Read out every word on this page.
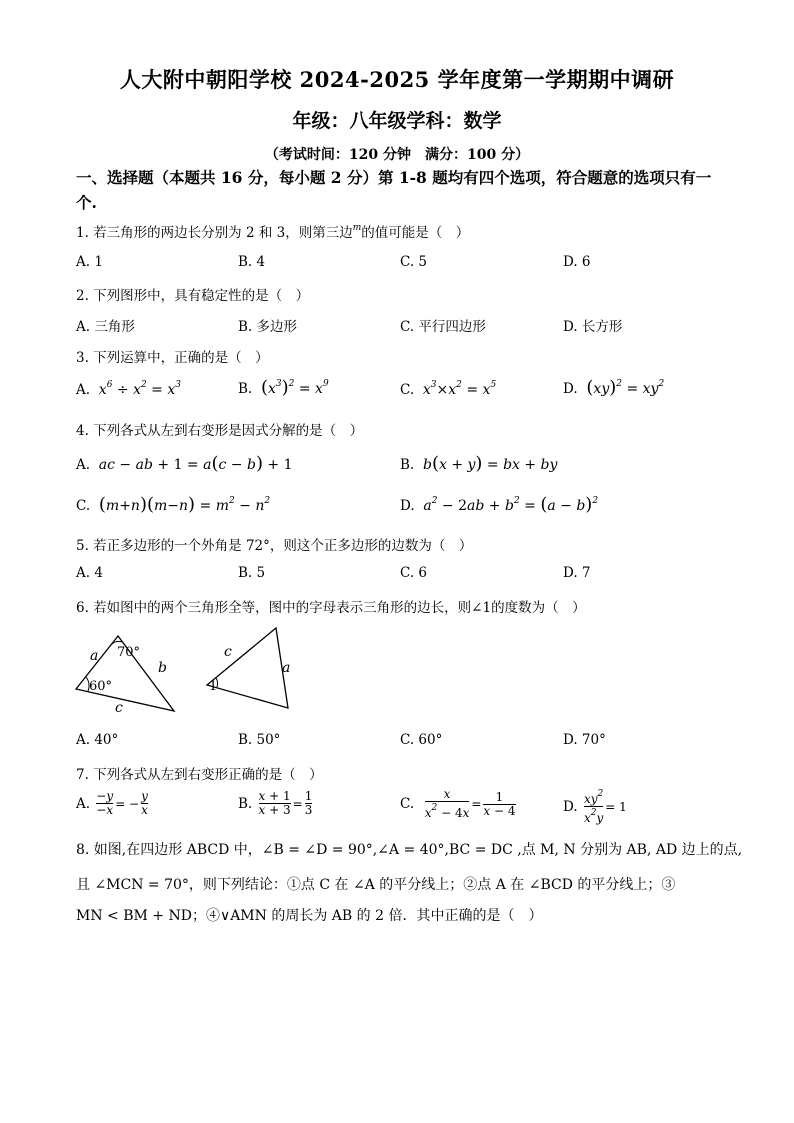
人大附中朝阳学校 2024-2025 学年度第一学期期中调研
年级：八年级学科：数学
（考试时间：120 分钟　满分：100 分）
一、选择题（本题共 16 分，每小题 2 分）第 1-8 题均有四个选项，符合题意的选项只有一
个.
1. 若三角形的两边长分别为 2 和 3，则第三边$^m$的值可能是（　）
A. 1	B. 4	C. 5	D. 6
2. 下列图形中，具有稳定性的是（　）
A. 三角形	B. 多边形	C. 平行四边形	D. 长方形
3. 下列运算中，正确的是（　）
A.  $x^6 \div x^2 = x^3$	B. $(x^3)^2 = x^9$	C.  $x^3\times x^2 = x^5$	D. $(xy)^2 = xy^2$
4. 下列各式从左到右变形是因式分解的是（　）
A.  ac − ab + 1 = a(c − b) + 1	B.  b(x + y) = bx + by
C. $(m+n)(m-n) = m^2 - n^2$	D.  $a^2 - 2ab + b^2 = (a - b)^2$
5. 若正多边形的一个外角是 72°，则这个正多边形的边数为（　）
A. 4	B. 5	C. 6	D. 7
6. 若如图中的两个三角形全等，图中的字母表示三角形的边长，则∠1的度数为（　）
a
b
c
70°
60°
c
a
1
A. 40°	B. 50°	C. 60°	D. 70°
7. 下列各式从左到右变形正确的是（　）
A.
$\frac{-y}{-x}$ = − $\frac{y}{x}$	B.
$\frac{x + 1}{x + 3} = \frac{1}{3}$	C.
$\frac{x}{x^2 - 4x} = \frac{1}{x - 4}$	D.
$\frac{xy^2}{x^2y} = 1$
8. 如图,在四边形 ABCD 中，∠B = ∠D = 90°,∠A = 40°,BC = DC ,点 M, N 分别为 AB, AD 边上的点,
且 ∠MCN = 70°，则下列结论：①点 C 在 ∠A 的平分线上；②点 A 在 ∠BCD 的平分线上；③
MN < BM + ND；④∨AMN 的周长为 AB 的 2 倍．其中正确的是（　）
